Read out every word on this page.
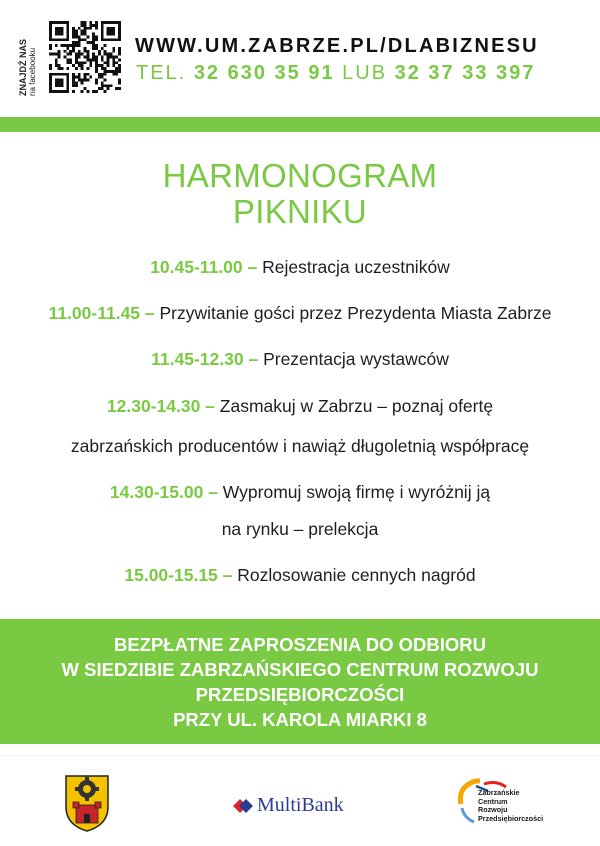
ZNAJDŹ NAS na facebooku
WWW.UM.ZABRZE.PL/DLABIZNESU
TEL. 32 630 35 91 LUB 32 37 33 397
HARMONOGRAM
PIKNIKU
10.45-11.00 – Rejestracja uczestników
11.00-11.45 – Przywitanie gości przez Prezydenta Miasta Zabrze
11.45-12.30 – Prezentacja wystawców
12.30-14.30 – Zasmakuj w Zabrzu – poznaj ofertę
zabrzańskich producentów i nawiąż długoletnią współpracę
14.30-15.00 – Wypromuj swoją firmę i wyróżnij ją
na rynku – prelekcja
15.00-15.15 – Rozlosowanie cennych nagród
BEZPŁATNE ZAPROSZENIA DO ODBIORU
W SIEDZIBIE ZABRZAŃSKIEGO CENTRUM ROZWOJU
PRZEDSIĘBIORCZOŚCI
PRZY UL. KAROLA MIARKI 8
MultiBank
Zabrzańskie
Centrum
Rozwoju
Przedsiębiorczości
